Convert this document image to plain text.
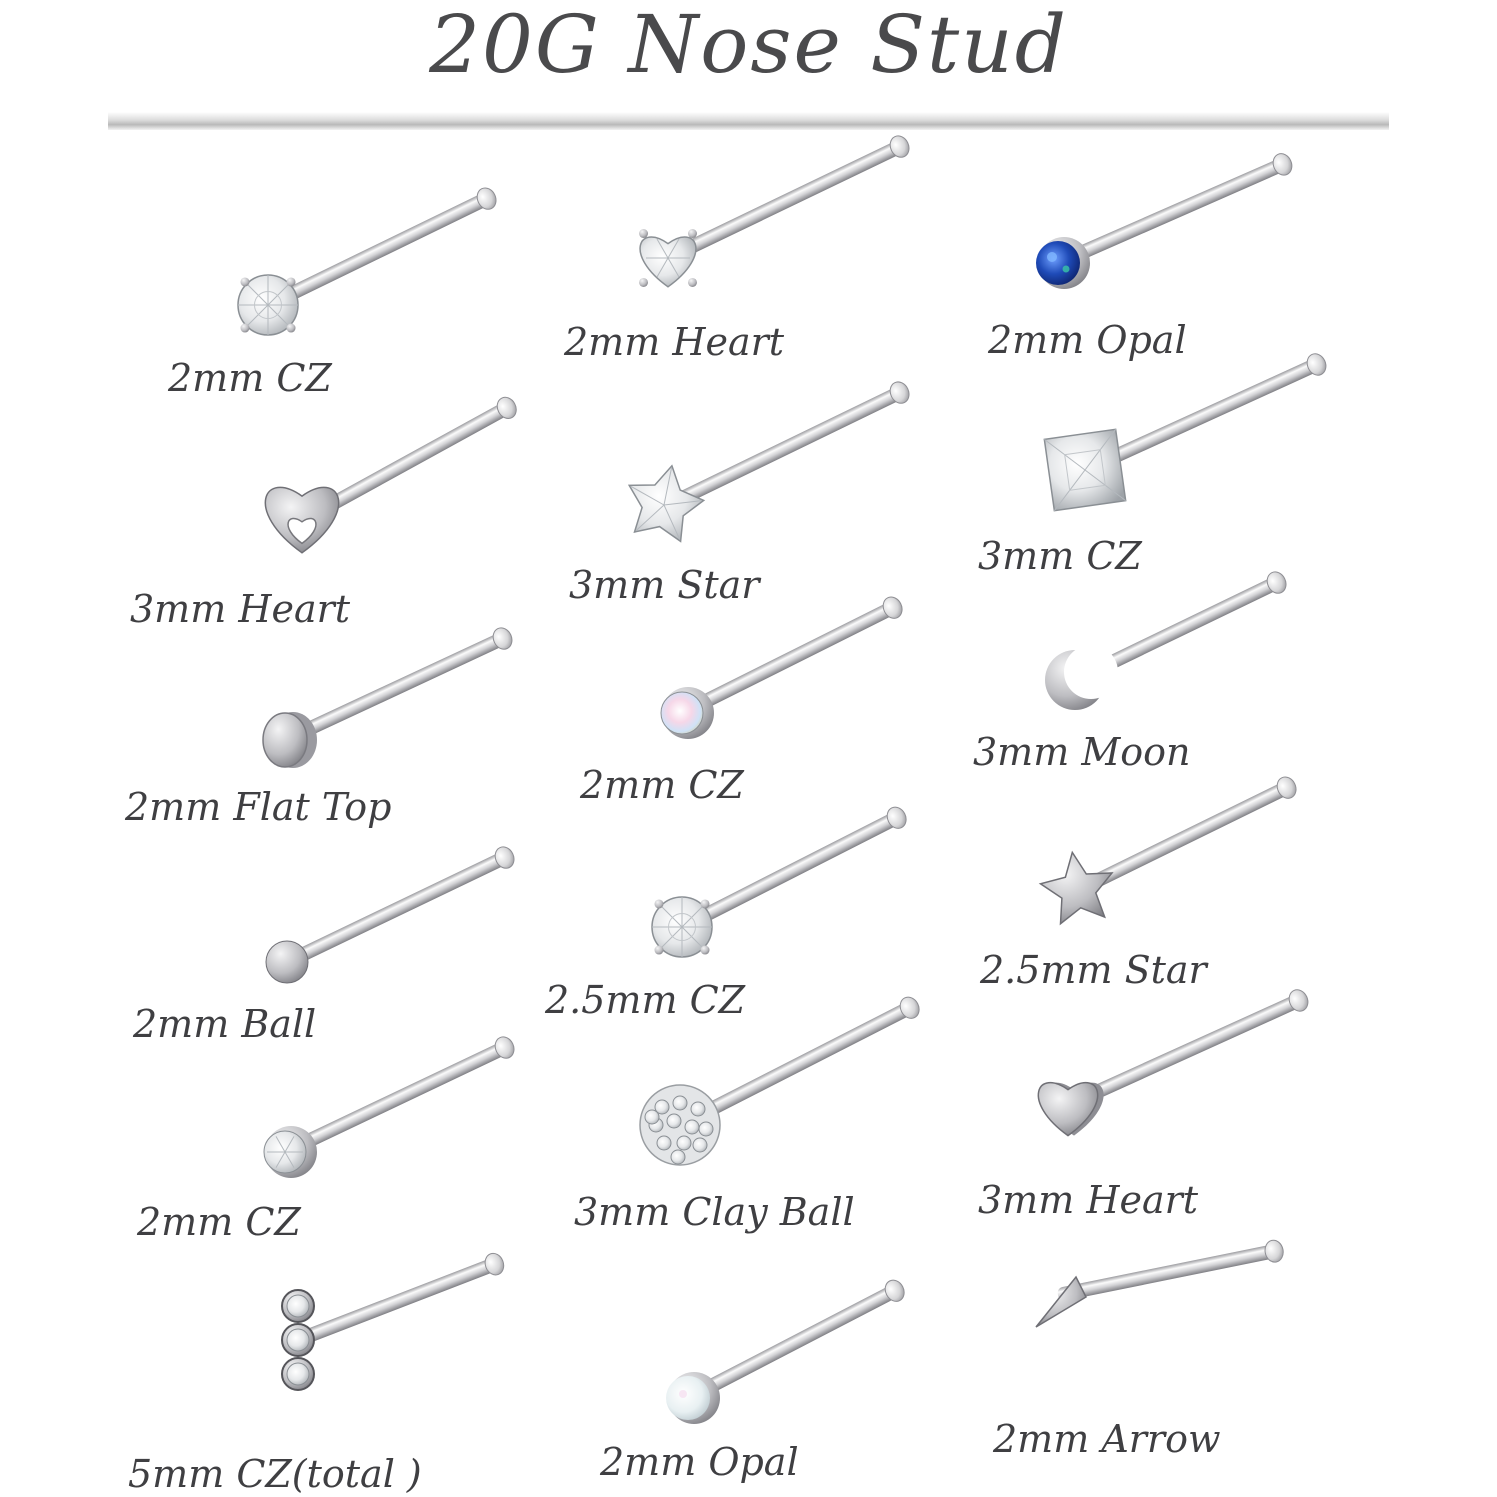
20G Nose Stud
2mm CZ
2mm Heart	2mm Opal
3mm Heart
3mm Star
3mm CZ
2mm Flat Top	2mm CZ
3mm Moon
2mm Ball
2.5mm CZ
2.5mm Star
2mm CZ	3mm Clay Ball	3mm Heart
5mm CZ(total )	2mm Opal
2mm Arrow
